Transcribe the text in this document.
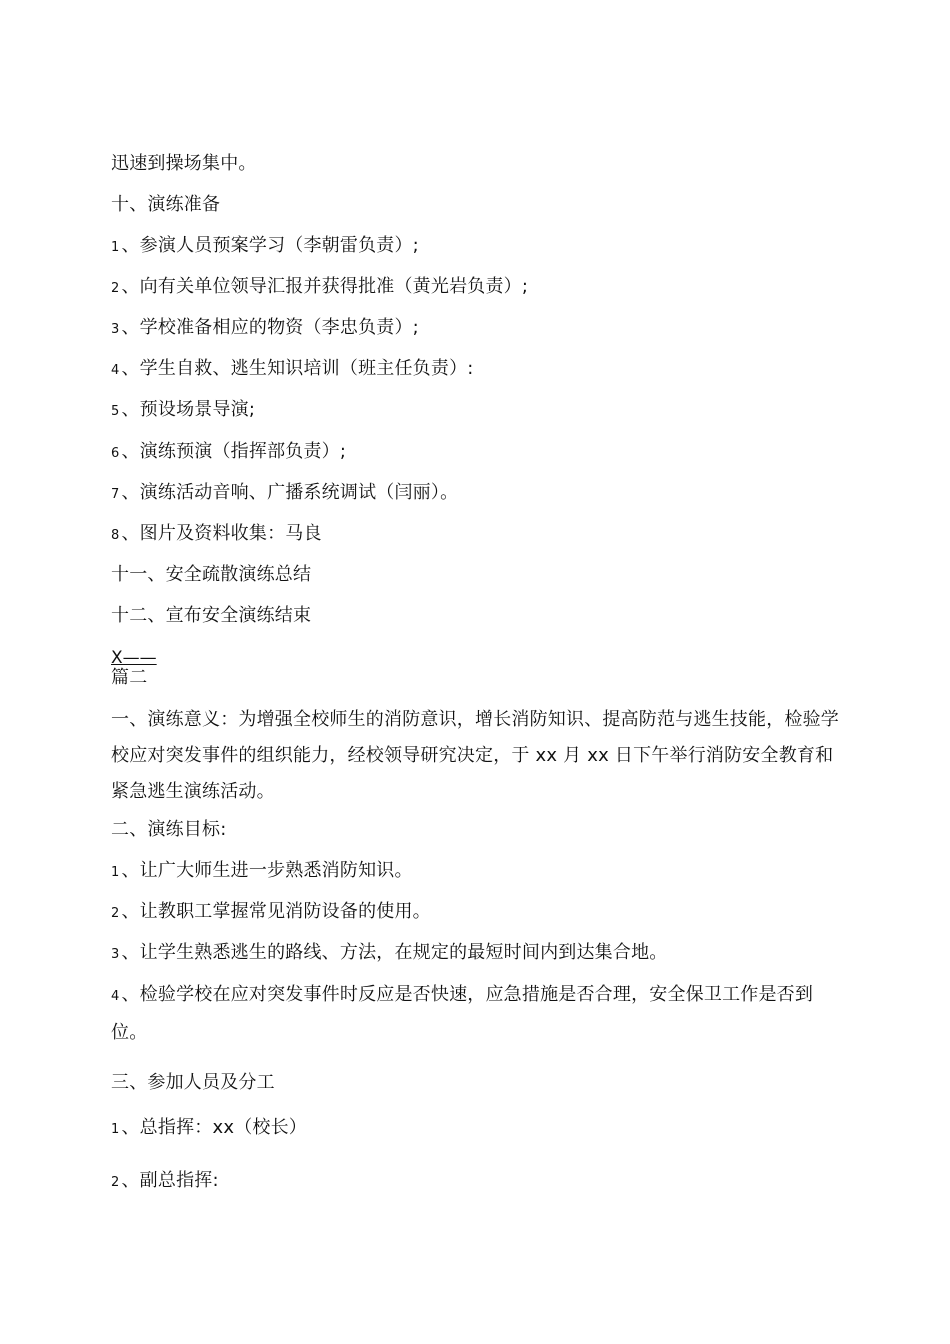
迅速到操场集中。
十、演练准备
1 、参演人员预案学习（李朝雷负责）;
2 、向有关单位领导汇报并获得批准（黄光岩负责）;
3 、学校准备相应的物资（李忠负责）;
4 、学生自救、逃生知识培训（班主任负责）:
5 、预设场景导演;
6 、演练预演（指挥部负责）;
7 、演练活动音响、广播系统调试（闫丽）。
8 、图片及资料收集：马良
十一、安全疏散演练总结
十二、宣布安全演练结束
X——
篇二
一、演练意义：为增强全校师生的消防意识，增长消防知识、提高防范与逃生技能，检验学校应对突发事件的组织能力，经校领导研究决定，于 xx 月 xx 日下午举行消防安全教育和紧急逃生演练活动。
二、演练目标:
1 、让广大师生进一步熟悉消防知识。
2 、让教职工掌握常见消防设备的使用。
3 、让学生熟悉逃生的路线、方法，在规定的最短时间内到达集合地。
4 、检验学校在应对突发事件时反应是否快速，应急措施是否合理，安全保卫工作是否到位。
三、参加人员及分工
1 、总指挥：xx（校长）
2 、副总指挥:
